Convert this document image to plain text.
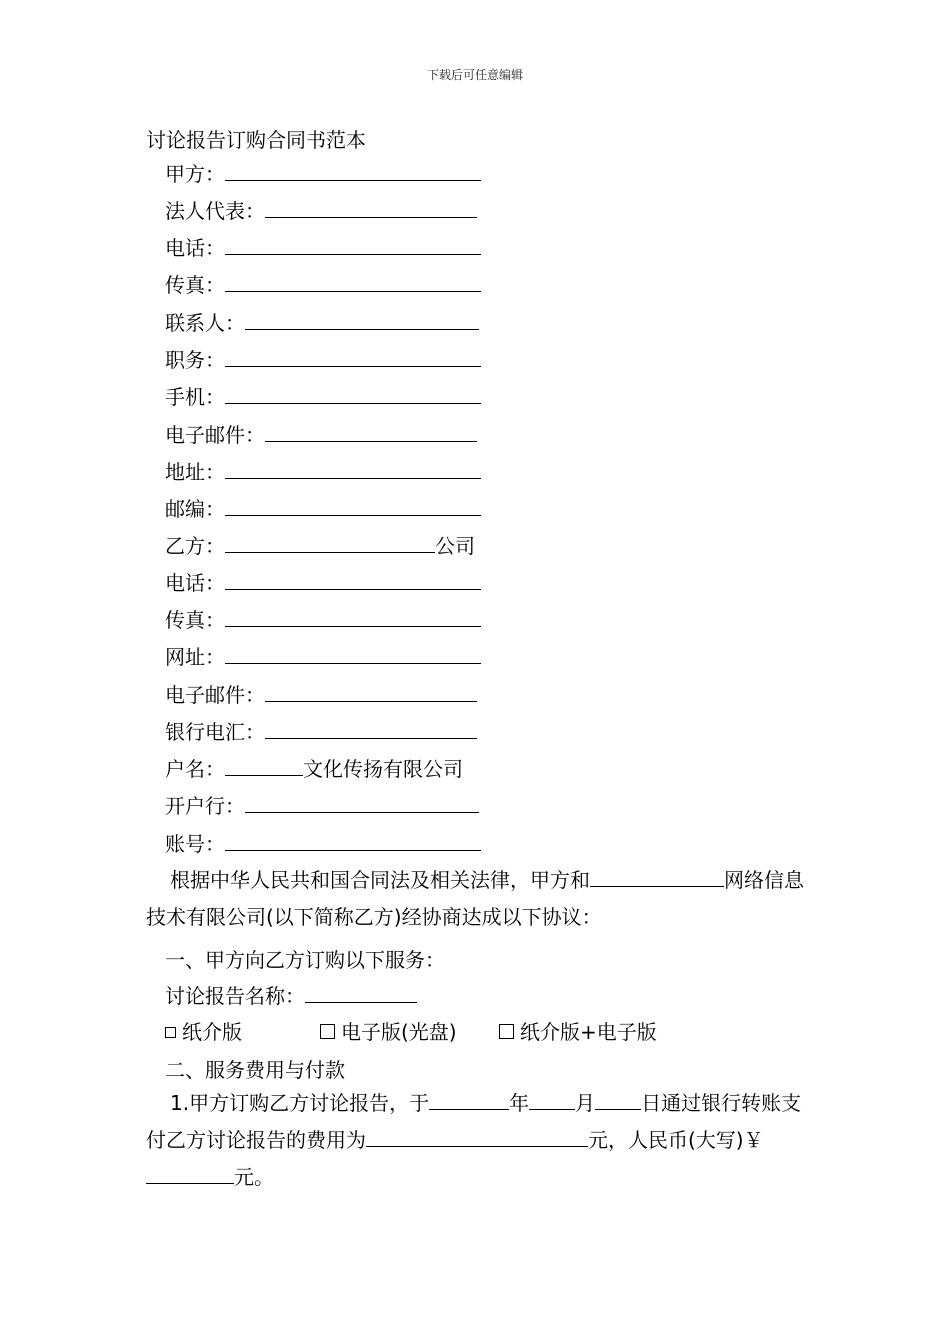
下载后可任意编辑
讨论报告订购合同书范本
甲方：
法人代表：
电话：
传真：
联系人：
职务：
手机：
电子邮件：
地址：
邮编：
乙方：	公司
电话：
传真：
网址：
电子邮件：
银行电汇：
户名：	文化传扬有限公司
开户行：
账号：
根据中华人民共和国合同法及相关法律，甲方和	网络信息技术有限公司(以下简称乙方)经协商达成以下协议：
一、甲方向乙方订购以下服务：
讨论报告名称：
纸介版	电子版(光盘)	纸介版+电子版
二、服务费用与付款
1.甲方订购乙方讨论报告，于	年 月 日通过银行转账支付乙方讨论报告的费用为	元，人民币(大写)￥元。
